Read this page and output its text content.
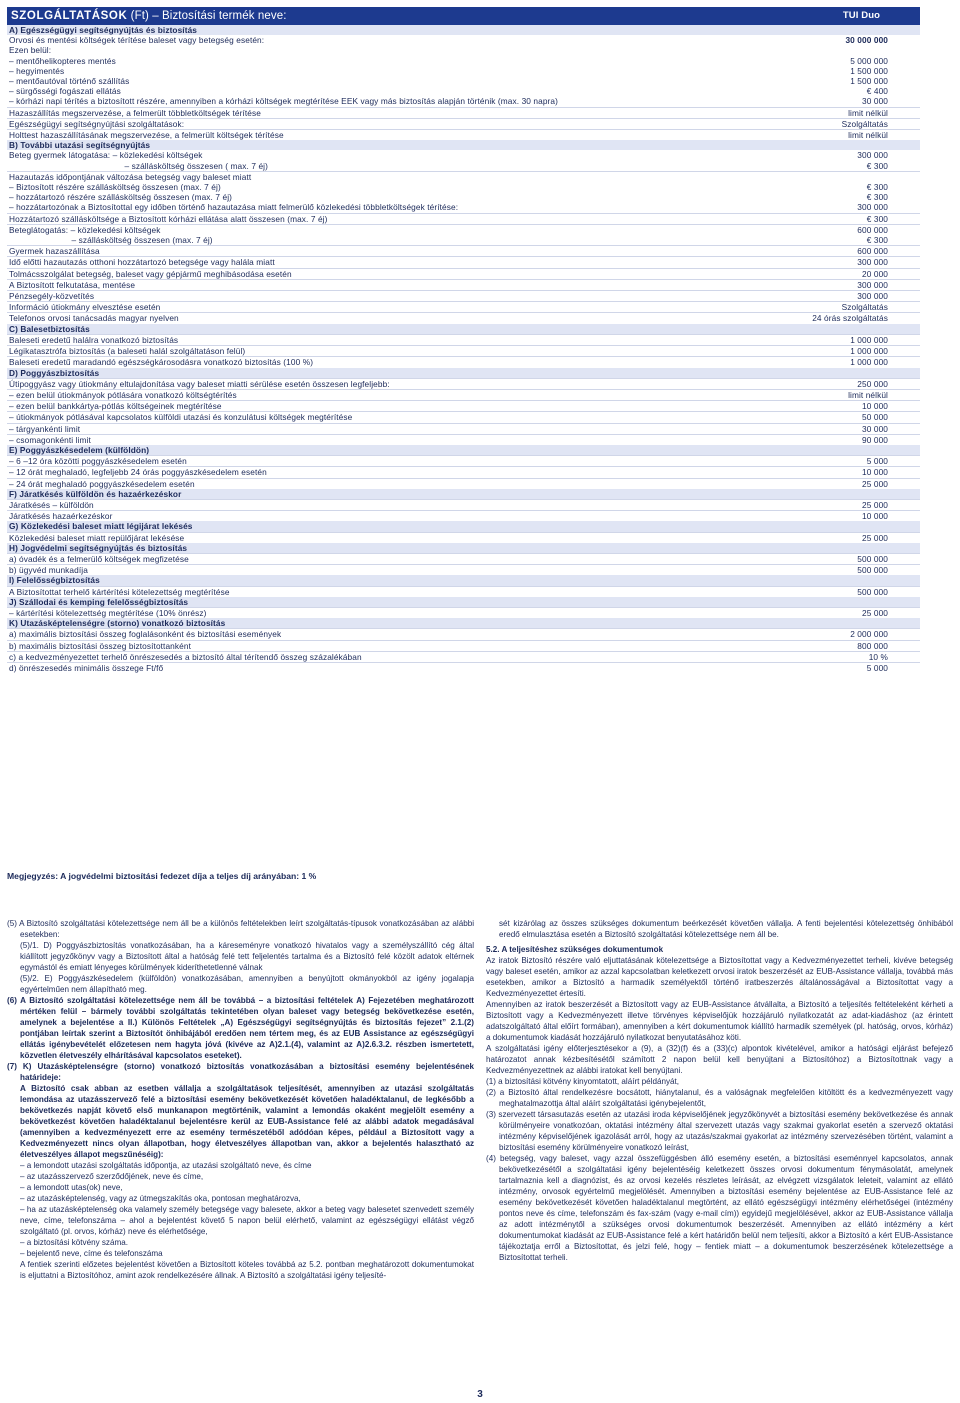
SZOLGÁLTATÁSOK (Ft) – Biztosítási termék neve:	TUI Duo
A) Egészségügyi segítségnyújtás és biztosítás
Orvosi és mentési költségek térítése baleset vagy betegség esetén:	30 000 000
Ezen belül:
– mentőhelikopteres mentés	5 000 000
– hegyimentés	1 500 000
– mentőautóval történő szállítás	1 500 000
– sürgősségi fogászati ellátás	€ 400
– kórházi napi térítés a biztosított részére, amennyiben a kórházi költségek megtérítése EEK vagy más biztosítás alapján történik (max. 30 napra)	30 000
Hazaszállítás megszervezése, a felmerült többletköltségek térítése	limit nélkül
Egészségügyi segítségnyújtási szolgáltatások:	Szolgáltatás
Holttest hazaszállításának megszervezése, a felmerült költségek térítése	limit nélkül
B) További utazási segítségnyújtás
Beteg gyermek látogatása: – közlekedési költségek	300 000
– szállásköltség összesen ( max. 7 éj)	€ 300
Hazautazás időpontjának változása betegség vagy baleset miatt
– Biztosított részére szállásköltség összesen (max. 7 éj)	€ 300
– hozzátartozó részére szállásköltség összesen (max. 7 éj)	€ 300
– hozzátartozónak a Biztosítottal egy időben történő hazautazása miatt felmerülő közlekedési többletköltségek térítése:	300 000
Hozzátartozó szállásköltsége a Biztosított kórházi ellátása alatt összesen (max. 7 éj)	€ 300
Beteglátogatás: – közlekedési költségek	600 000
– szállásköltség összesen (max. 7 éj)	€ 300
Gyermek hazaszállítása	600 000
Idő előtti hazautazás otthoni hozzátartozó betegsége vagy halála miatt	300 000
Tolmácsszolgálat betegség, baleset vagy gépjármű meghibásodása esetén	20 000
A Biztosított felkutatása, mentése	300 000
Pénzsegély-közvetítés	300 000
Információ útiokmány elvesztése esetén	Szolgáltatás
Telefonos orvosi tanácsadás magyar nyelven	24 órás szolgáltatás
C) Balesetbiztosítás
Baleseti eredetű halálra vonatkozó biztosítás	1 000 000
Légikatasztrófa biztosítás (a baleseti halál szolgáltatáson felül)	1 000 000
Baleseti eredetű maradandó egészségkárosodásra vonatkozó biztosítás (100 %)	1 000 000
D) Poggyászbiztosítás
Útipoggyász vagy útiokmány eltulajdonítása vagy baleset miatti sérülése esetén összesen legfeljebb:	250 000
– ezen belül útiokmányok pótlására vonatkozó költségtérítés	limit nélkül
– ezen belül bankkártya-pótlás költségeinek megtérítése	10 000
– útiokmányok pótlásával kapcsolatos külföldi utazási és konzulátusi költségek megtérítése	50 000
– tárgyankénti limit	30 000
– csomagonkénti limit	90 000
E) Poggyászkésedelem (külföldön)
– 6 –12 óra közötti poggyászkésedelem esetén	5 000
– 12 órát meghaladó, legfeljebb 24 órás poggyászkésedelem esetén	10 000
– 24 órát meghaladó poggyászkésedelem esetén	25 000
F) Járatkésés külföldön és hazaérkezéskor
Járatkésés – külföldön	25 000
Járatkésés hazaérkezéskor	10 000
G) Közlekedési baleset miatt légijárat lekésés
Közlekedési baleset miatt repülőjárat lekésése	25 000
H) Jogvédelmi segítségnyújtás és biztosítás
a) óvadék és a felmerülő költségek megfizetése	500 000
b) ügyvéd munkadíja	500 000
I) Felelősségbiztosítás
A Biztosítottat terhelő kártérítési kötelezettség megtérítése	500 000
J) Szállodai és kemping felelősségbiztosítás
– kártérítési kötelezettség megtérítése (10% önrész)	25 000
K) Utazásképtelenségre (storno) vonatkozó biztosítás
a) maximális biztosítási összeg foglalásonként és biztosítási események	2 000 000
b) maximális biztosítási összeg biztosítottanként	800 000
c) a kedvezményezettet terhelő önrészesedés a biztosító által térítendő összeg százalékában	10 %
d) önrészesedés minimális összege Ft/fő	5 000
Megjegyzés: A jogvédelmi biztosítási fedezet díja a teljes díj arányában: 1 %

(5) A Biztosító szolgáltatási kötelezettsége nem áll be a különös feltételekben leírt szolgáltatás-típusok vonatkozásában az alábbi esetekben:

(5)/1. D) Poggyászbiztosítás vonatkozásában, ha a káreseményre vonatkozó hivatalos vagy a személyszállító cég által kiállított jegyzőkönyv vagy a Biztosított által a hatóság felé tett feljelentés tartalma és a Biztosító felé közölt adatok eltérnek egymástól és emiatt lényeges körülmények kideríthetetlenné válnak

(5)/2. E) Poggyászkésedelem (külföldön) vonatkozásában, amennyiben a benyújtott okmányokból az igény jogalapja egyértelműen nem állapítható meg.

(6) A Biztosító szolgáltatási kötelezettsége nem áll be továbbá – a biztosítási feltételek A) Fejezetében meghatározott mértéken felül – bármely további szolgáltatás tekintetében olyan baleset vagy betegség bekövetkezése esetén, amelynek a bejelentése a II.) Különös Feltételek „A) Egészségügyi segítségnyújtás és biztosítás fejezet” 2.1.(2) pontjában leírtak szerint a Biztosítót önhibájából eredően nem tértem meg, és az EUB Assistance az egészségügyi ellátás igénybevételét előzetesen nem hagyta jóvá (kivéve az A)2.1.(4), valamint az A)2.6.3.2. részben ismertetett, közvetlen életveszély elhárításával kapcsolatos eseteket).

(7) K) Utazásképtelenségre (storno) vonatkozó biztosítás vonatkozásában a biztosítási esemény bejelentésének határideje:

A Biztosító csak abban az esetben vállalja a szolgáltatások teljesítését, amennyiben az utazási szolgáltatás lemondása az utazásszervező felé a biztosítási esemény bekövetkezését követően haladéktalanul, de legkésőbb a bekövetkezés napját követő első munkanapon megtörténik, valamint a lemondás okaként megjelölt esemény a bekövetkezést követően haladéktalanul bejelentésre kerül az EUB-Assistance felé az alábbi adatok megadásával (amennyiben a kedvezményezett erre az esemény természetéből adódóan képes, például a Biztosított vagy a Kedvezményezett nincs olyan állapotban, hogy életveszélyes állapotban van, akkor a bejelentés halasztható az életveszélyes állapot megszűnéséig):

– a lemondott utazási szolgáltatás időpontja, az utazási szolgáltató neve, és címe

– az utazásszervező szerződőjének, neve és címe,

– a lemondott utas(ok) neve,

– az utazásképtelenség, vagy az útmegszakítás oka, pontosan meghatározva,

– ha az utazásképtelenség oka valamely személy betegsége vagy balesete, akkor a beteg vagy balesetet szenvedett személy neve, címe, telefonszáma – ahol a bejelentést követő 5 napon belül elérhető, valamint az egészségügyi ellátást végző szolgáltató (pl. orvos, kórház) neve és elérhetősége,

– a biztosítási kötvény száma.

– bejelentő neve, címe és telefonszáma

A fentiek szerinti előzetes bejelentést követően a Biztosított köteles továbbá az 5.2. pontban meghatározott dokumentumokat is eljuttatni a Biztosítóhoz, amint azok rendelkezésére állnak. A Biztosító a szolgáltatási igény teljesíté-

sét kizárólag az összes szükséges dokumentum beérkezését követően vállalja. A fenti bejelentési kötelezettség önhibából eredő elmulasztása esetén a Biztosító szolgáltatási kötelezettsége nem áll be.

5.2. A teljesítéshez szükséges dokumentumok

Az iratok Biztosító részére való eljuttatásának kötelezettsége a Biztosítottat vagy a Kedvezményezettet terheli, kivéve betegség vagy baleset esetén, amikor az azzal kapcsolatban keletkezett orvosi iratok beszerzését az EUB-Assistance vállalja, továbbá más esetekben, amikor a Biztosító a harmadik személyektől történő iratbeszerzés általánosságával a Biztosítottat vagy a Kedvezményezettet értesíti.

Amennyiben az iratok beszerzését a Biztosított vagy az EUB-Assistance átvállalta, a Biztosító a teljesítés feltételeként kérheti a Biztosított vagy a Kedvezményezett illetve törvényes képviselőjük hozzájáruló nyilatkozatát az adat-kiadáshoz (az érintett adatszolgáltató által előírt formában), amennyiben a kért dokumentumok kiállító harmadik személyek (pl. hatóság, orvos, kórház) a dokumentumok kiadását hozzájáruló nyilatkozat benyutatásához köti.

A szolgáltatási igény előterjesztésekor a (9), a (32)(f) és a (33)(c) alpontok kivételével, amikor a hatósági eljárást befejező határozatot annak kézbesítésétől számított 2 napon belül kell benyújtani a Biztosítóhoz) a Biztosítottnak vagy a Kedvezményezettnek az alábbi iratokat kell benyújtani.

(1) a biztosítási kötvény kinyomtatott, aláírt példányát,

(2) a Biztosító által rendelkezésre bocsátott, hiánytalanul, és a valóságnak megfelelően kitöltött és a kedvezményezett vagy meghatalmazottja által aláírt szolgáltatási igénybejelentőt,

(3) szervezett társasutazás esetén az utazási iroda képviselőjének jegyzőkönyvét a biztosítási esemény bekövetkezése és annak körülményeire vonatkozóan, oktatási intézmény által szervezett utazás vagy szakmai gyakorlat esetén a szervező oktatási intézmény képviselőjének igazolását arról, hogy az utazás/szakmai gyakorlat az intézmény szervezésében történt, valamint a biztosítási esemény körülményeire vonatkozó leírást,

(4) betegség, vagy baleset, vagy azzal összefüggésben álló esemény esetén, a biztosítási eseménnyel kapcsolatos, annak bekövetkezésétől a szolgáltatási igény bejelentéséig keletkezett összes orvosi dokumentum fénymásolatát, amelynek tartalmaznia kell a diagnózist, és az orvosi kezelés részletes leírását, az elvégzett vizsgálatok leleteit, valamint az ellátó intézmény, orvosok egyértelmű megjelölését. Amennyiben a biztosítási esemény bejelentése az EUB-Assistance felé az esemény bekövetkezését követően haladéktalanul megtörtént, az ellátó egészségügyi intézmény elérhetőségei (intézmény pontos neve és címe, telefonszám és fax-szám (vagy e-mail cím)) egyidejű megjelölésével, akkor az EUB-Assistance vállalja az adott intézménytől a szükséges orvosi dokumentumok beszerzését. Amennyiben az ellátó intézmény a kért dokumentumokat kiadását az EUB-Assistance felé a kért határidőn belül nem teljesíti, akkor a Biztosító a kért EUB-Assistance tájékoztatja erről a Biztosítottat, és jelzi felé, hogy – fentiek miatt – a dokumentumok beszerzésének kötelezettsége a Biztosítottat terheli.

3
